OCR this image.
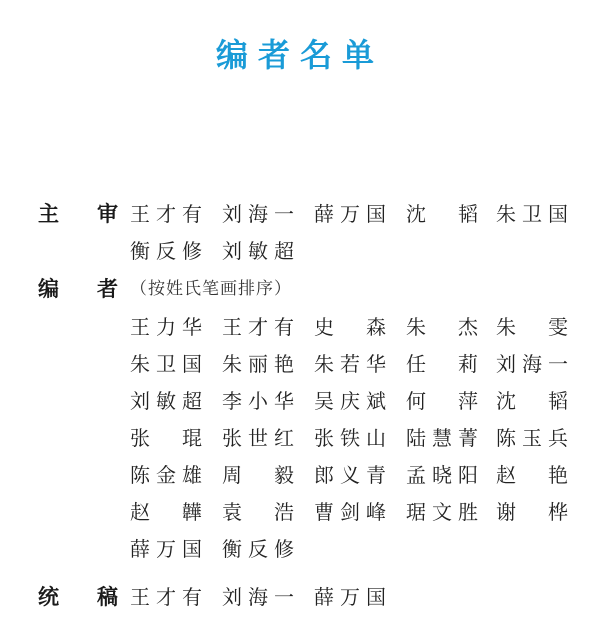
编者名单
主 审 王 才 有 刘 海 一 薛 万 国 沈 韬 朱 卫 国
衡 反 修 刘 敏 超
编 者 （按姓氏笔画排序）
王 力 华 王 才 有 史 森 朱 杰 朱 雯
朱 卫 国 朱 丽 艳 朱 若 华 任 莉 刘 海 一
刘 敏 超 李 小 华 吴 庆 斌 何 萍 沈 韬
张 琨 张 世 红 张 铁 山 陆 慧 菁 陈 玉 兵
陈 金 雄 周 毅 郎 义 青 孟 晓 阳 赵 艳
赵 韡 袁 浩 曹 剑 峰 琚 文 胜 谢 桦
薛 万 国 衡 反 修
统 稿 王 才 有 刘 海 一 薛 万 国
